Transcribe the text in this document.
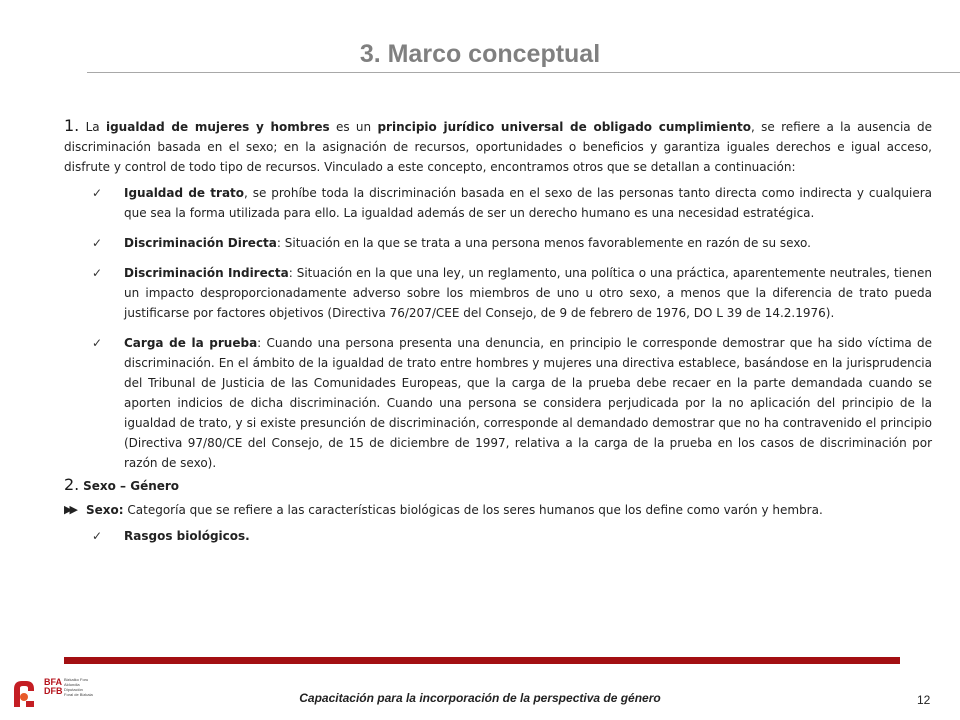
3. Marco conceptual

1. La igualdad de mujeres y hombres es un principio jurídico universal de obligado cumplimiento, se refiere a la ausencia de discriminación basada en el sexo; en la asignación de recursos, oportunidades o beneficios y garantiza iguales derechos e igual acceso, disfrute y control de todo tipo de recursos. Vinculado a este concepto, encontramos otros que se detallan a continuación:

✓ Igualdad de trato, se prohíbe toda la discriminación basada en el sexo de las personas tanto directa como indirecta y cualquiera que sea la forma utilizada para ello. La igualdad además de ser un derecho humano es una necesidad estratégica.
✓ Discriminación Directa: Situación en la que se trata a una persona menos favorablemente en razón de su sexo.
✓ Discriminación Indirecta: Situación en la que una ley, un reglamento, una política o una práctica, aparentemente neutrales, tienen un impacto desproporcionadamente adverso sobre los miembros de uno u otro sexo, a menos que la diferencia de trato pueda justificarse por factores objetivos (Directiva 76/207/CEE del Consejo, de 9 de febrero de 1976, DO L 39 de 14.2.1976).
✓ Carga de la prueba: Cuando una persona presenta una denuncia, en principio le corresponde demostrar que ha sido víctima de discriminación. En el ámbito de la igualdad de trato entre hombres y mujeres una directiva establece, basándose en la jurisprudencia del Tribunal de Justicia de las Comunidades Europeas, que la carga de la prueba debe recaer en la parte demandada cuando se aporten indicios de dicha discriminación. Cuando una persona se considera perjudicada por la no aplicación del principio de la igualdad de trato, y si existe presunción de discriminación, corresponde al demandado demostrar que no ha contravenido el principio (Directiva 97/80/CE del Consejo, de 15 de diciembre de 1997, relativa a la carga de la prueba en los casos de discriminación por razón de sexo).
2. Sexo – Género
▶▶ Sexo: Categoría que se refiere a las características biológicas de los seres humanos que los define como varón y hembra.
✓ Rasgos biológicos.
BFA
DFB
Bizkaiko Foru
Aldundia
Diputación
Foral de Bizkaia	Capacitación para la incorporación de la perspectiva de género	12
